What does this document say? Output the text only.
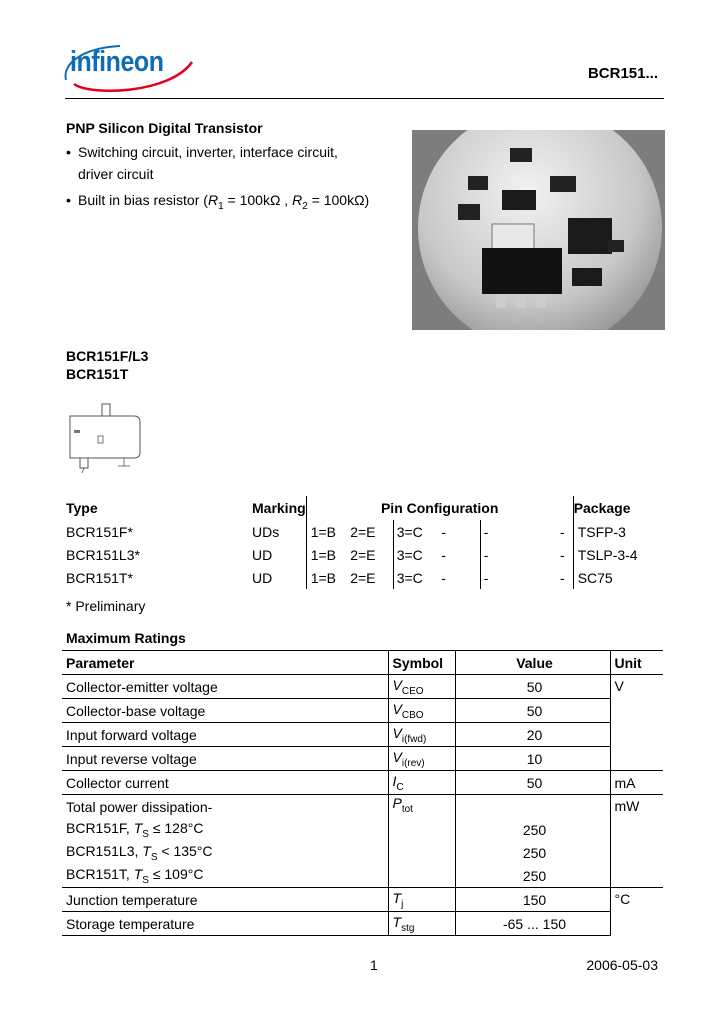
infineon	BCR151...
PNP Silicon Digital Transistor
• Switching circuit, inverter, interface circuit,
driver circuit
• Built in bias resistor ($R_1 = 100k\Omega$ , $R_2 = 100k\Omega$)
BCR151F/L3
BCR151T
Type	Marking	Pin Configuration						Package
BCR151F*	UDs	1=B	2=E	3=C	-	-	-	TSFP-3
BCR151L3*	UD	1=B	2=E	3=C	-	-	-	TSLP-3-4
BCR151T*	UD	1=B	2=E	3=C	-	-	-	SC75
* Preliminary
Maximum Ratings
Parameter	Symbol	Value	Unit
Collector-emitter voltage	$V_{CEO}$	50	V
Collector-base voltage	$V_{CBO}$	50	
Input forward voltage	$V_{i(fwd)}$	20	
Input reverse voltage	$V_{i(rev)}$	10	
Collector current	$I_C$	50	mA
Total power dissipation-	$P_{tot}$		mW
BCR151F, $T_S \le 128^\circ C$		250	
BCR151L3, $T_S < 135^\circ C$		250	
BCR151T, $T_S \le 109^\circ C$		250	
Junction temperature	$T_j$	150	°C
Storage temperature	$T_{stg}$	-65 ... 150	
1	2006-05-03
